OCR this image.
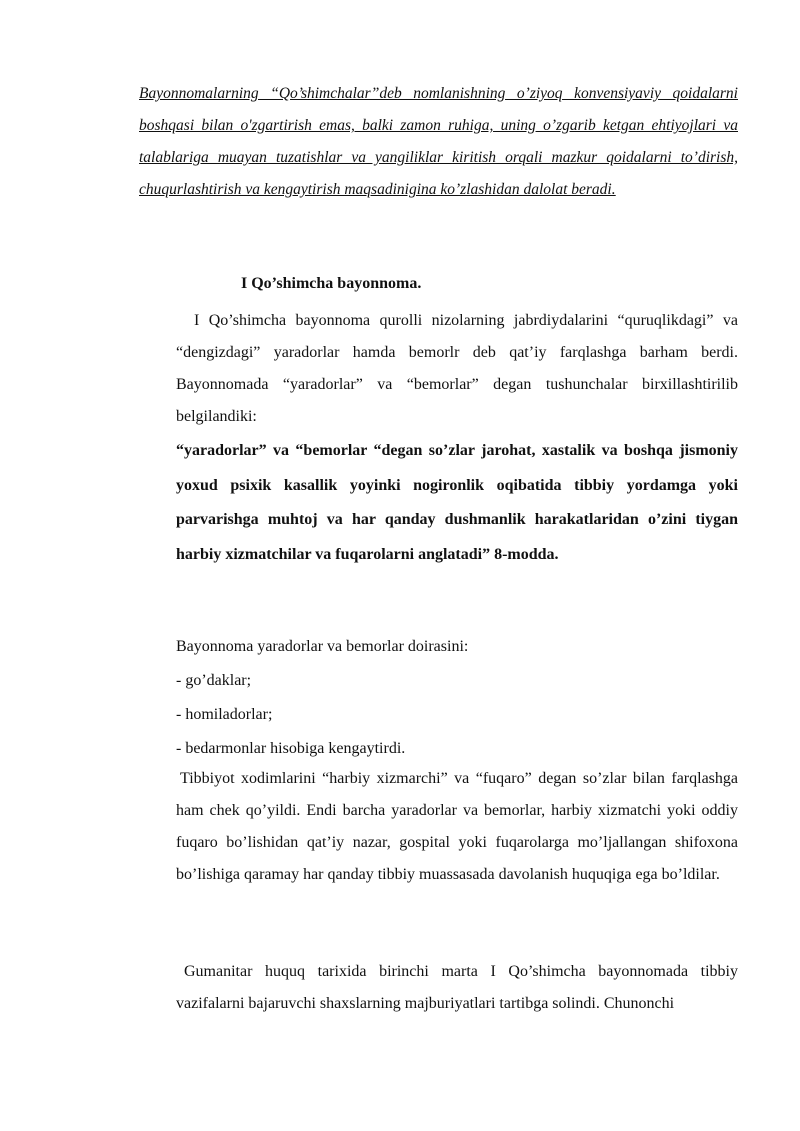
Bayonnomalarning “Qo’shimchalar”deb nomlanishning o’ziyoq konvensiyaviy qoidalarni boshqasi bilan o'zgartirish emas, balki zamon ruhiga, uning o’zgarib ketgan ehtiyojlari va talablariga muayan tuzatishlar va yangiliklar kiritish orqali mazkur qoidalarni to’dirish, chuqurlashtirish va kengaytirish maqsadinigina ko’zlashidan dalolat beradi.
I Qo’shimcha bayonnoma.
I Qo’shimcha bayonnoma qurolli nizolarning jabrdiydalarini “quruqlikdagi” va “dengizdagi” yaradorlar hamda bemorlr deb qat’iy farqlashga barham berdi. Bayonnomada “yaradorlar” va “bemorlar” degan tushunchalar birxillashtirilib belgilandiki:
“yaradorlar” va “bemorlar “degan so’zlar jarohat, xastalik va boshqa jismoniy yoxud psixik kasallik yoyinki nogironlik oqibatida tibbiy yordamga yoki parvarishga muhtoj va har qanday dushmanlik harakatlaridan o’zini tiygan harbiy xizmatchilar va fuqarolarni anglatadi” 8-modda.
Bayonnoma yaradorlar va bemorlar doirasini:
- go’daklar;
- homiladorlar;
- bedarmonlar hisobiga kengaytirdi.
Tibbiyot xodimlarini “harbiy xizmarchi” va “fuqaro” degan so’zlar bilan farqlashga ham chek qo’yildi. Endi barcha yaradorlar va bemorlar, harbiy xizmatchi yoki oddiy fuqaro bo’lishidan qat’iy nazar, gospital yoki fuqarolarga mo’ljallangan shifoxona bo’lishiga qaramay har qanday tibbiy muassasada davolanish huquqiga ega bo’ldilar.
Gumanitar huquq tarixida birinchi marta I Qo’shimcha bayonnomada tibbiy vazifalarni bajaruvchi shaxslarning majburiyatlari tartibga solindi. Chunonchi
